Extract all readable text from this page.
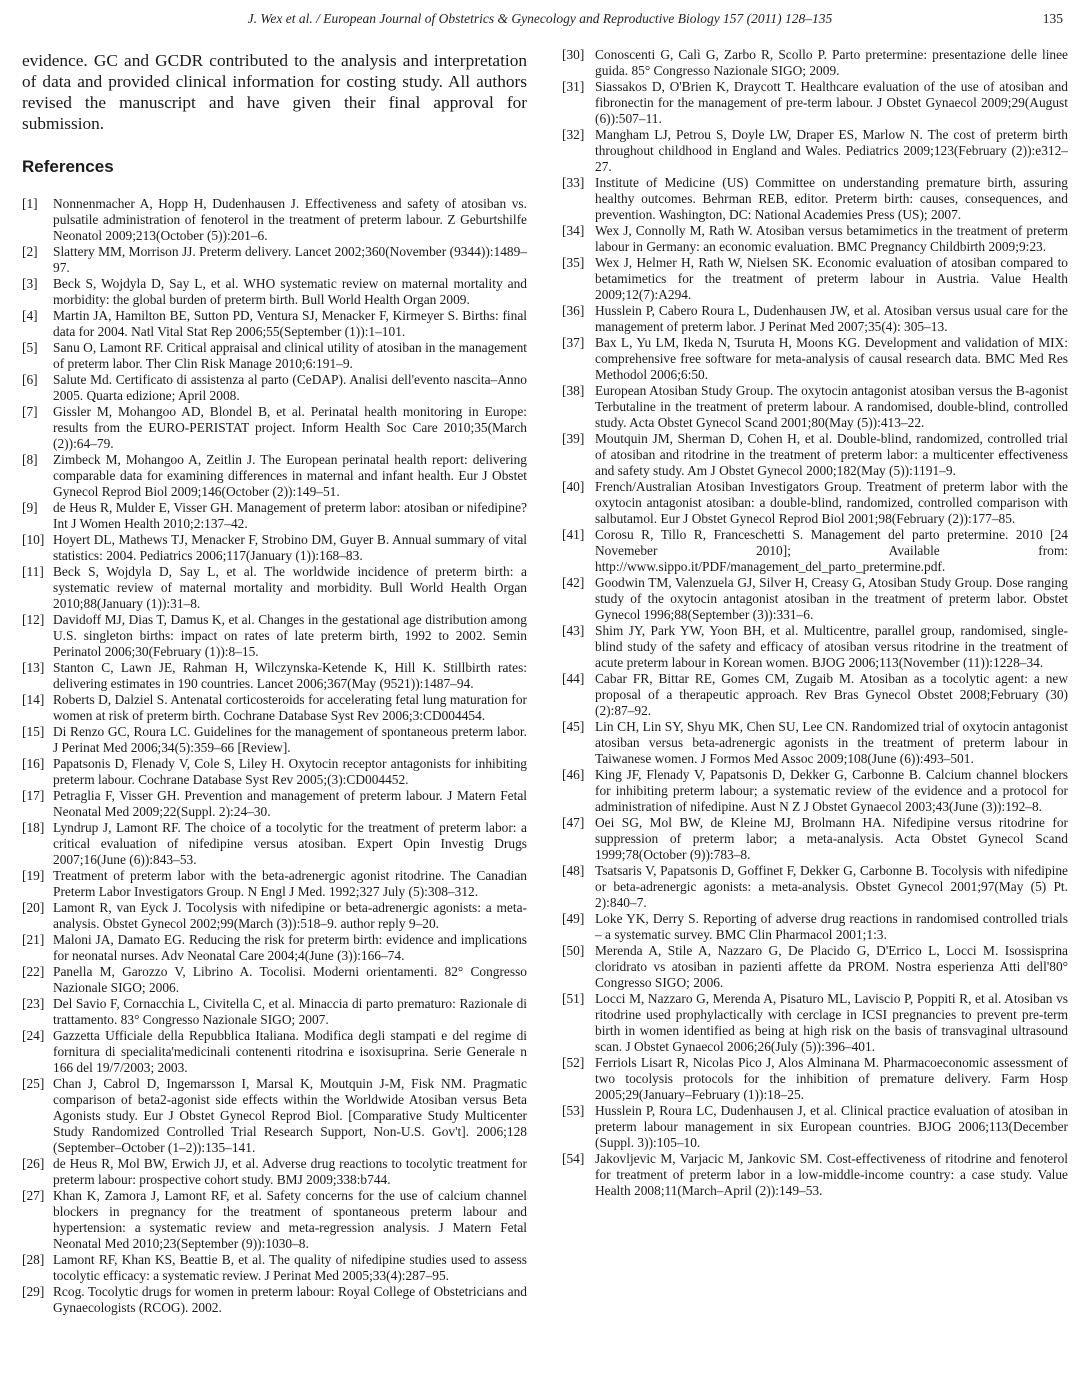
J. Wex et al. / European Journal of Obstetrics & Gynecology and Reproductive Biology 157 (2011) 128–135	135

evidence. GC and GCDR contributed to the analysis and interpretation of data and provided clinical information for costing study. All authors revised the manuscript and have given their final approval for submission.

References
[1] Nonnenmacher A, Hopp H, Dudenhausen J. Effectiveness and safety of atosiban vs. pulsatile administration of fenoterol in the treatment of preterm labour. Z Geburtshilfe Neonatol 2009;213(October (5)):201–6.
[2] Slattery MM, Morrison JJ. Preterm delivery. Lancet 2002;360(November (9344)):1489–97.
[3] Beck S, Wojdyla D, Say L, et al. WHO systematic review on maternal mortality and morbidity: the global burden of preterm birth. Bull World Health Organ 2009.
[4] Martin JA, Hamilton BE, Sutton PD, Ventura SJ, Menacker F, Kirmeyer S. Births: final data for 2004. Natl Vital Stat Rep 2006;55(September (1)):1–101.
[5] Sanu O, Lamont RF. Critical appraisal and clinical utility of atosiban in the management of preterm labor. Ther Clin Risk Manage 2010;6:191–9.
[6] Salute Md. Certificato di assistenza al parto (CeDAP). Analisi dell'evento nascita–Anno 2005. Quarta edizione; April 2008.
[7] Gissler M, Mohangoo AD, Blondel B, et al. Perinatal health monitoring in Europe: results from the EURO-PERISTAT project. Inform Health Soc Care 2010;35(March (2)):64–79.
[8] Zimbeck M, Mohangoo A, Zeitlin J. The European perinatal health report: delivering comparable data for examining differences in maternal and infant health. Eur J Obstet Gynecol Reprod Biol 2009;146(October (2)):149–51.
[9] de Heus R, Mulder E, Visser GH. Management of preterm labor: atosiban or nifedipine? Int J Women Health 2010;2:137–42.
[10] Hoyert DL, Mathews TJ, Menacker F, Strobino DM, Guyer B. Annual summary of vital statistics: 2004. Pediatrics 2006;117(January (1)):168–83.
[11] Beck S, Wojdyla D, Say L, et al. The worldwide incidence of preterm birth: a systematic review of maternal mortality and morbidity. Bull World Health Organ 2010;88(January (1)):31–8.
[12] Davidoff MJ, Dias T, Damus K, et al. Changes in the gestational age distribution among U.S. singleton births: impact on rates of late preterm birth, 1992 to 2002. Semin Perinatol 2006;30(February (1)):8–15.
[13] Stanton C, Lawn JE, Rahman H, Wilczynska-Ketende K, Hill K. Stillbirth rates: delivering estimates in 190 countries. Lancet 2006;367(May (9521)):1487–94.
[14] Roberts D, Dalziel S. Antenatal corticosteroids for accelerating fetal lung maturation for women at risk of preterm birth. Cochrane Database Syst Rev 2006;3:CD004454.
[15] Di Renzo GC, Roura LC. Guidelines for the management of spontaneous preterm labor. J Perinat Med 2006;34(5):359–66 [Review].
[16] Papatsonis D, Flenady V, Cole S, Liley H. Oxytocin receptor antagonists for inhibiting preterm labour. Cochrane Database Syst Rev 2005;(3):CD004452.
[17] Petraglia F, Visser GH. Prevention and management of preterm labour. J Matern Fetal Neonatal Med 2009;22(Suppl. 2):24–30.
[18] Lyndrup J, Lamont RF. The choice of a tocolytic for the treatment of preterm labor: a critical evaluation of nifedipine versus atosiban. Expert Opin Investig Drugs 2007;16(June (6)):843–53.
[19] Treatment of preterm labor with the beta-adrenergic agonist ritodrine. The Canadian Preterm Labor Investigators Group. N Engl J Med. 1992;327 July (5):308–312.
[20] Lamont R, van Eyck J. Tocolysis with nifedipine or beta-adrenergic agonists: a meta-analysis. Obstet Gynecol 2002;99(March (3)):518–9. author reply 9–20.
[21] Maloni JA, Damato EG. Reducing the risk for preterm birth: evidence and implications for neonatal nurses. Adv Neonatal Care 2004;4(June (3)):166–74.
[22] Panella M, Garozzo V, Librino A. Tocolisi. Moderni orientamenti. 82° Congresso Nazionale SIGO; 2006.
[23] Del Savio F, Cornacchia L, Civitella C, et al. Minaccia di parto prematuro: Razionale di trattamento. 83° Congresso Nazionale SIGO; 2007.
[24] Gazzetta Ufficiale della Repubblica Italiana. Modifica degli stampati e del regime di fornitura di specialita'medicinali contenenti ritodrina e isoxisuprina. Serie Generale n 166 del 19/7/2003; 2003.
[25] Chan J, Cabrol D, Ingemarsson I, Marsal K, Moutquin J-M, Fisk NM. Pragmatic comparison of beta2-agonist side effects within the Worldwide Atosiban versus Beta Agonists study. Eur J Obstet Gynecol Reprod Biol. [Comparative Study Multicenter Study Randomized Controlled Trial Research Support, Non-U.S. Gov't]. 2006;128 (September–October (1–2)):135–141.
[26] de Heus R, Mol BW, Erwich JJ, et al. Adverse drug reactions to tocolytic treatment for preterm labour: prospective cohort study. BMJ 2009;338:b744.
[27] Khan K, Zamora J, Lamont RF, et al. Safety concerns for the use of calcium channel blockers in pregnancy for the treatment of spontaneous preterm labour and hypertension: a systematic review and meta-regression analysis. J Matern Fetal Neonatal Med 2010;23(September (9)):1030–8.
[28] Lamont RF, Khan KS, Beattie B, et al. The quality of nifedipine studies used to assess tocolytic efficacy: a systematic review. J Perinat Med 2005;33(4):287–95.
[29] Rcog. Tocolytic drugs for women in preterm labour: Royal College of Obstetricians and Gynaecologists (RCOG). 2002.
[30] Conoscenti G, Calì G, Zarbo R, Scollo P. Parto pretermine: presentazione delle linee guida. 85° Congresso Nazionale SIGO; 2009.
[31] Siassakos D, O'Brien K, Draycott T. Healthcare evaluation of the use of atosiban and fibronectin for the management of pre-term labour. J Obstet Gynaecol 2009;29(August (6)):507–11.
[32] Mangham LJ, Petrou S, Doyle LW, Draper ES, Marlow N. The cost of preterm birth throughout childhood in England and Wales. Pediatrics 2009;123(February (2)):e312–27.
[33] Institute of Medicine (US) Committee on understanding premature birth, assuring healthy outcomes. Behrman REB, editor. Preterm birth: causes, consequences, and prevention. Washington, DC: National Academies Press (US); 2007.
[34] Wex J, Connolly M, Rath W. Atosiban versus betamimetics in the treatment of preterm labour in Germany: an economic evaluation. BMC Pregnancy Childbirth 2009;9:23.
[35] Wex J, Helmer H, Rath W, Nielsen SK. Economic evaluation of atosiban compared to betamimetics for the treatment of preterm labour in Austria. Value Health 2009;12(7):A294.
[36] Husslein P, Cabero Roura L, Dudenhausen JW, et al. Atosiban versus usual care for the management of preterm labor. J Perinat Med 2007;35(4): 305–13.
[37] Bax L, Yu LM, Ikeda N, Tsuruta H, Moons KG. Development and validation of MIX: comprehensive free software for meta-analysis of causal research data. BMC Med Res Methodol 2006;6:50.
[38] European Atosiban Study Group. The oxytocin antagonist atosiban versus the B-agonist Terbutaline in the treatment of preterm labour. A randomised, double-blind, controlled study. Acta Obstet Gynecol Scand 2001;80(May (5)):413–22.
[39] Moutquin JM, Sherman D, Cohen H, et al. Double-blind, randomized, controlled trial of atosiban and ritodrine in the treatment of preterm labor: a multicenter effectiveness and safety study. Am J Obstet Gynecol 2000;182(May (5)):1191–9.
[40] French/Australian Atosiban Investigators Group. Treatment of preterm labor with the oxytocin antagonist atosiban: a double-blind, randomized, controlled comparison with salbutamol. Eur J Obstet Gynecol Reprod Biol 2001;98(February (2)):177–85.
[41] Corosu R, Tillo R, Franceschetti S. Management del parto pretermine. 2010 [24 Novemeber 2010]; Available from: http://www.sippo.it/PDF/management_del_parto_pretermine.pdf.
[42] Goodwin TM, Valenzuela GJ, Silver H, Creasy G, Atosiban Study Group. Dose ranging study of the oxytocin antagonist atosiban in the treatment of preterm labor. Obstet Gynecol 1996;88(September (3)):331–6.
[43] Shim JY, Park YW, Yoon BH, et al. Multicentre, parallel group, randomised, single-blind study of the safety and efficacy of atosiban versus ritodrine in the treatment of acute preterm labour in Korean women. BJOG 2006;113(November (11)):1228–34.
[44] Cabar FR, Bittar RE, Gomes CM, Zugaib M. Atosiban as a tocolytic agent: a new proposal of a therapeutic approach. Rev Bras Gynecol Obstet 2008;February (30)(2):87–92.
[45] Lin CH, Lin SY, Shyu MK, Chen SU, Lee CN. Randomized trial of oxytocin antagonist atosiban versus beta-adrenergic agonists in the treatment of preterm labour in Taiwanese women. J Formos Med Assoc 2009;108(June (6)):493–501.
[46] King JF, Flenady V, Papatsonis D, Dekker G, Carbonne B. Calcium channel blockers for inhibiting preterm labour; a systematic review of the evidence and a protocol for administration of nifedipine. Aust N Z J Obstet Gynaecol 2003;43(June (3)):192–8.
[47] Oei SG, Mol BW, de Kleine MJ, Brolmann HA. Nifedipine versus ritodrine for suppression of preterm labor; a meta-analysis. Acta Obstet Gynecol Scand 1999;78(October (9)):783–8.
[48] Tsatsaris V, Papatsonis D, Goffinet F, Dekker G, Carbonne B. Tocolysis with nifedipine or beta-adrenergic agonists: a meta-analysis. Obstet Gynecol 2001;97(May (5) Pt. 2):840–7.
[49] Loke YK, Derry S. Reporting of adverse drug reactions in randomised controlled trials – a systematic survey. BMC Clin Pharmacol 2001;1:3.
[50] Merenda A, Stile A, Nazzaro G, De Placido G, D'Errico L, Locci M. Isossisprina cloridrato vs atosiban in pazienti affette da PROM. Nostra esperienza Atti dell'80° Congresso SIGO; 2006.
[51] Locci M, Nazzaro G, Merenda A, Pisaturo ML, Laviscio P, Poppiti R, et al. Atosiban vs ritodrine used prophylactically with cerclage in ICSI pregnancies to prevent pre-term birth in women identified as being at high risk on the basis of transvaginal ultrasound scan. J Obstet Gynaecol 2006;26(July (5)):396–401.
[52] Ferriols Lisart R, Nicolas Pico J, Alos Alminana M. Pharmacoeconomic assessment of two tocolysis protocols for the inhibition of premature delivery. Farm Hosp 2005;29(January–February (1)):18–25.
[53] Husslein P, Roura LC, Dudenhausen J, et al. Clinical practice evaluation of atosiban in preterm labour management in six European countries. BJOG 2006;113(December (Suppl. 3)):105–10.
[54] Jakovljevic M, Varjacic M, Jankovic SM. Cost-effectiveness of ritodrine and fenoterol for treatment of preterm labor in a low-middle-income country: a case study. Value Health 2008;11(March–April (2)):149–53.
